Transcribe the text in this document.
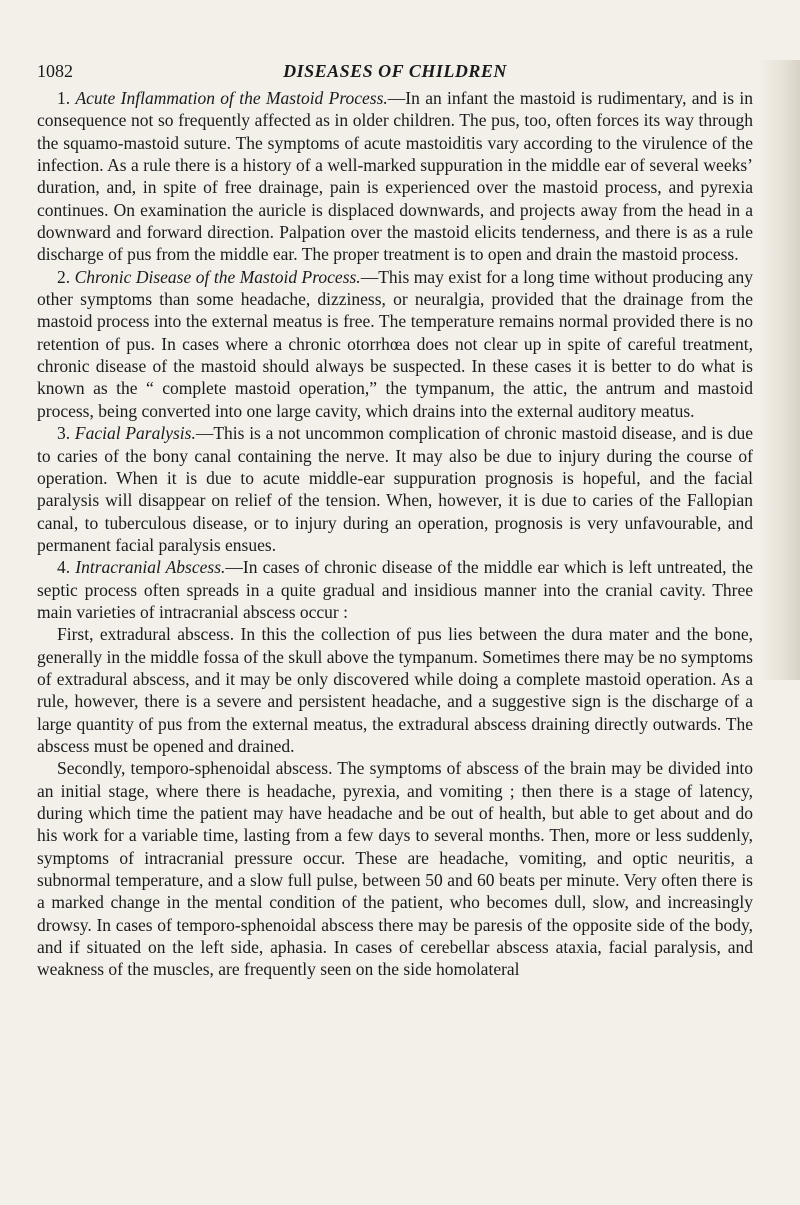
1082	DISEASES OF CHILDREN

1. Acute Inflammation of the Mastoid Process.—In an infant the mastoid is rudimentary, and is in consequence not so frequently affected as in older children. The pus, too, often forces its way through the squamo-mastoid suture. The symptoms of acute mastoiditis vary according to the virulence of the infection. As a rule there is a history of a well-marked suppuration in the middle ear of several weeks’ duration, and, in spite of free drainage, pain is experienced over the mastoid process, and pyrexia continues. On examination the auricle is displaced downwards, and projects away from the head in a downward and forward direction. Palpation over the mastoid elicits tenderness, and there is as a rule discharge of pus from the middle ear. The proper treatment is to open and drain the mastoid process.

2. Chronic Disease of the Mastoid Process.—This may exist for a long time without producing any other symptoms than some headache, dizziness, or neuralgia, provided that the drainage from the mastoid process into the external meatus is free. The temperature remains normal provided there is no retention of pus. In cases where a chronic otorrhœa does not clear up in spite of careful treatment, chronic disease of the mastoid should always be suspected. In these cases it is better to do what is known as the “ complete mastoid operation,” the tympanum, the attic, the antrum and mastoid process, being converted into one large cavity, which drains into the external auditory meatus.

3. Facial Paralysis.—This is a not uncommon complication of chronic mastoid disease, and is due to caries of the bony canal containing the nerve. It may also be due to injury during the course of operation. When it is due to acute middle-ear suppuration prognosis is hopeful, and the facial paralysis will disappear on relief of the tension. When, however, it is due to caries of the Fallopian canal, to tuberculous disease, or to injury during an operation, prognosis is very unfavourable, and permanent facial paralysis ensues.

4. Intracranial Abscess.—In cases of chronic disease of the middle ear which is left untreated, the septic process often spreads in a quite gradual and insidious manner into the cranial cavity. Three main varieties of intracranial abscess occur :

First, extradural abscess. In this the collection of pus lies between the dura mater and the bone, generally in the middle fossa of the skull above the tympanum. Sometimes there may be no symptoms of extradural abscess, and it may be only discovered while doing a complete mastoid operation. As a rule, however, there is a severe and persistent headache, and a suggestive sign is the discharge of a large quantity of pus from the external meatus, the extradural abscess draining directly outwards. The abscess must be opened and drained.

Secondly, temporo-sphenoidal abscess. The symptoms of abscess of the brain may be divided into an initial stage, where there is headache, pyrexia, and vomiting ; then there is a stage of latency, during which time the patient may have headache and be out of health, but able to get about and do his work for a variable time, lasting from a few days to several months. Then, more or less suddenly, symptoms of intracranial pressure occur. These are headache, vomiting, and optic neuritis, a subnormal temperature, and a slow full pulse, between 50 and 60 beats per minute. Very often there is a marked change in the mental condition of the patient, who becomes dull, slow, and increasingly drowsy. In cases of temporo-sphenoidal abscess there may be paresis of the opposite side of the body, and if situated on the left side, aphasia. In cases of cerebellar abscess ataxia, facial paralysis, and weakness of the muscles, are frequently seen on the side homolateral
